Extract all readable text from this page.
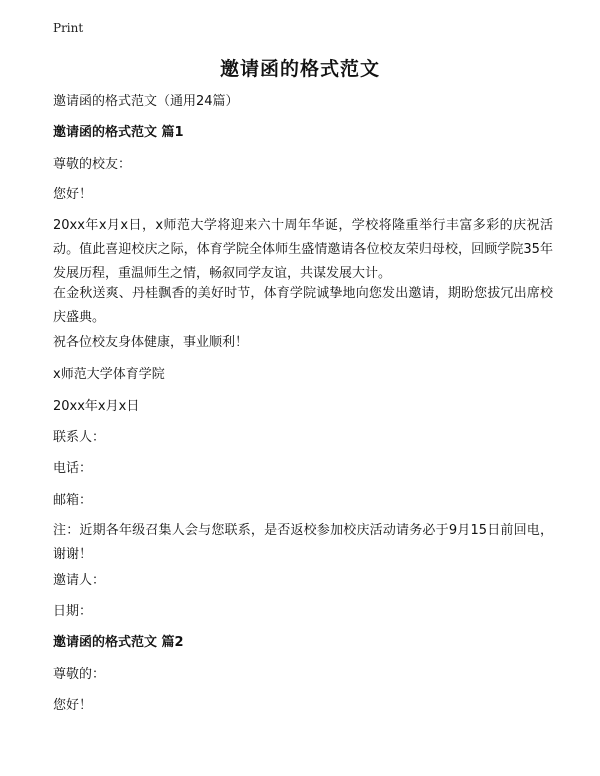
Print
邀请函的格式范文
邀请函的格式范文（通用24篇）
邀请函的格式范文 篇1
尊敬的校友：
您好！
20xx年x月x日，x师范大学将迎来六十周年华诞，学校将隆重举行丰富多彩的庆祝活动。值此喜迎校庆之际，体育学院全体师生盛情邀请各位校友荣归母校，回顾学院35年发展历程，重温师生之情，畅叙同学友谊，共谋发展大计。
在金秋送爽、丹桂飘香的美好时节，体育学院诚挚地向您发出邀请，期盼您拔冗出席校庆盛典。
祝各位校友身体健康，事业顺利！
x师范大学体育学院
20xx年x月x日
联系人：
电话：
邮箱：
注：近期各年级召集人会与您联系，是否返校参加校庆活动请务必于9月15日前回电，谢谢！
邀请人：
日期：
邀请函的格式范文 篇2
尊敬的：
您好！
